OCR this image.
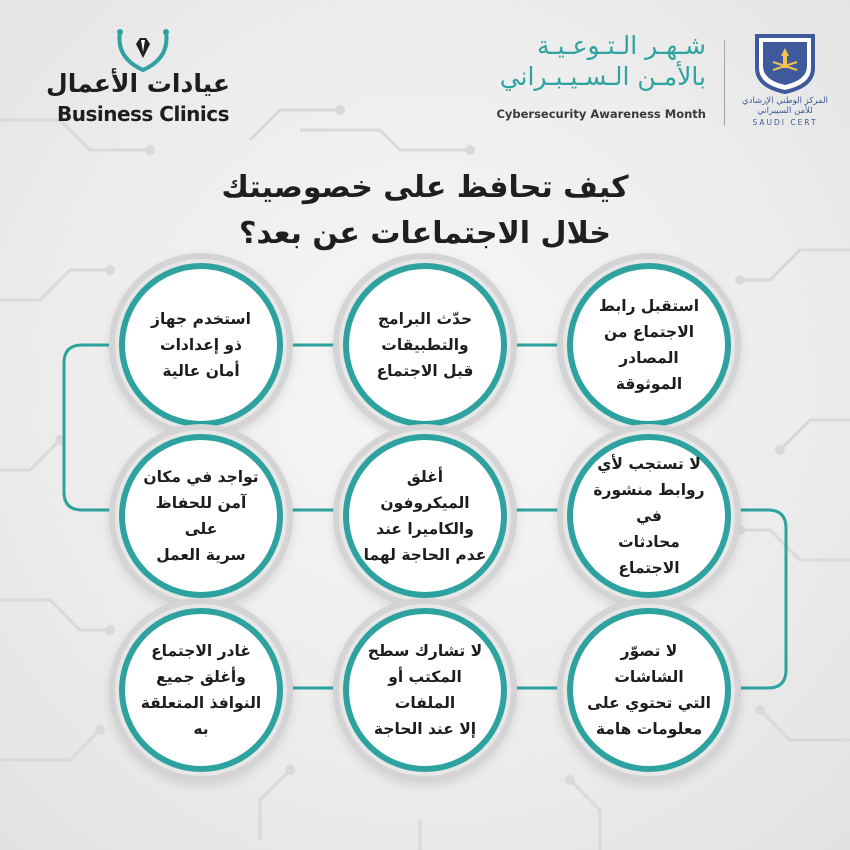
عيادات الأعمال
Business Clinics
شـهـر الـتـوعـيـة
بالأمـن الـسـيـبـراني
Cybersecurity Awareness Month
المركز الوطني الإرشادي للأمن السيبراني
SAUDI CERT
كيف تحافظ على خصوصيتك
خلال الاجتماعات عن بعد؟
استقبل رابط
الاجتماع من
المصادر الموثوقة
حدّث البرامج
والتطبيقات
قبل الاجتماع
استخدم جهاز
ذو إعدادات
أمان عالية
لا تستجب لأي
روابط منشورة في
محادثات الاجتماع
أغلق الميكروفون
والكاميرا عند
عدم الحاجة لهما
تواجد في مكان
آمن للحفاظ على
سرية العمل
لا تصوّر الشاشات
التي تحتوي على
معلومات هامة
لا تشارك سطح
المكتب أو الملفات
إلا عند الحاجة
غادر الاجتماع
وأغلق جميع
النوافذ المتعلقة به
